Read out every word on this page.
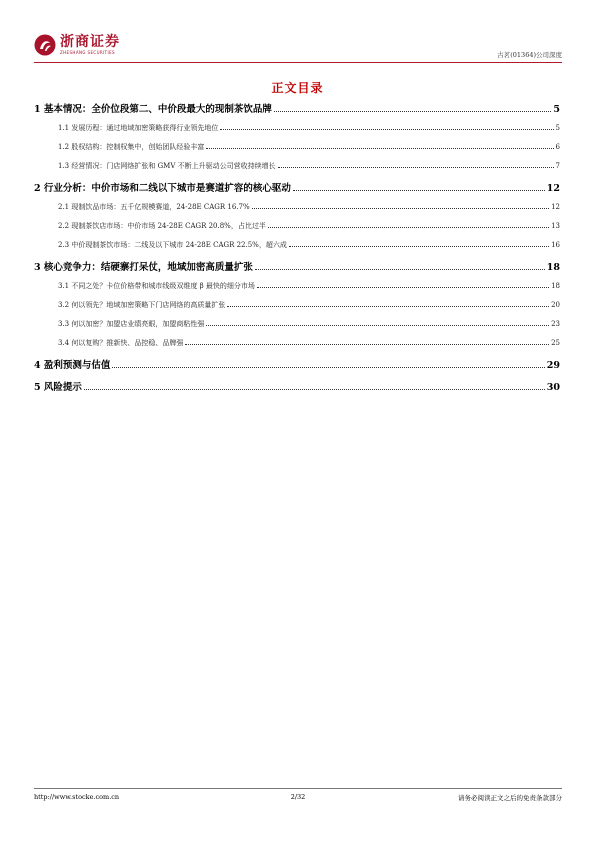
浙商证券
ZHESHANG SECURITIES	古茗(01364)公司深度
正文目录
1 基本情况：全价位段第二、中价段最大的现制茶饮品牌	5
1.1 发展历程：通过地域加密策略获得行业领先地位	5
1.2 股权结构：控制权集中，创始团队经验丰富	6
1.3 经营情况：门店网络扩张和 GMV 不断上升驱动公司营收持续增长	7
2 行业分析：中价市场和二线以下城市是赛道扩容的核心驱动	12
2.1 现制饮品市场：五千亿规模赛道，24-28E CAGR 16.7%	12
2.2 现制茶饮店市场：中价市场 24-28E CAGR 20.8%，占比过半	13
2.3 中价现制茶饮市场：二线及以下城市 24-28E CAGR 22.5%，超六成	16
3 核心竞争力：结硬寨打呆仗，地域加密高质量扩张	18
3.1 不同之处？卡位价格带和城市线级双维度 β 最快的细分市场	18
3.2 何以领先？地域加密策略下门店网络的高质量扩张	20
3.3 何以加密？加盟店业绩亮眼，加盟商粘性强	23
3.4 何以复购？推新快、品控稳、品牌强	25
4 盈利预测与估值	29
5 风险提示	30
http://www.stocke.com.cn	2/32	请务必阅读正文之后的免责条款部分
